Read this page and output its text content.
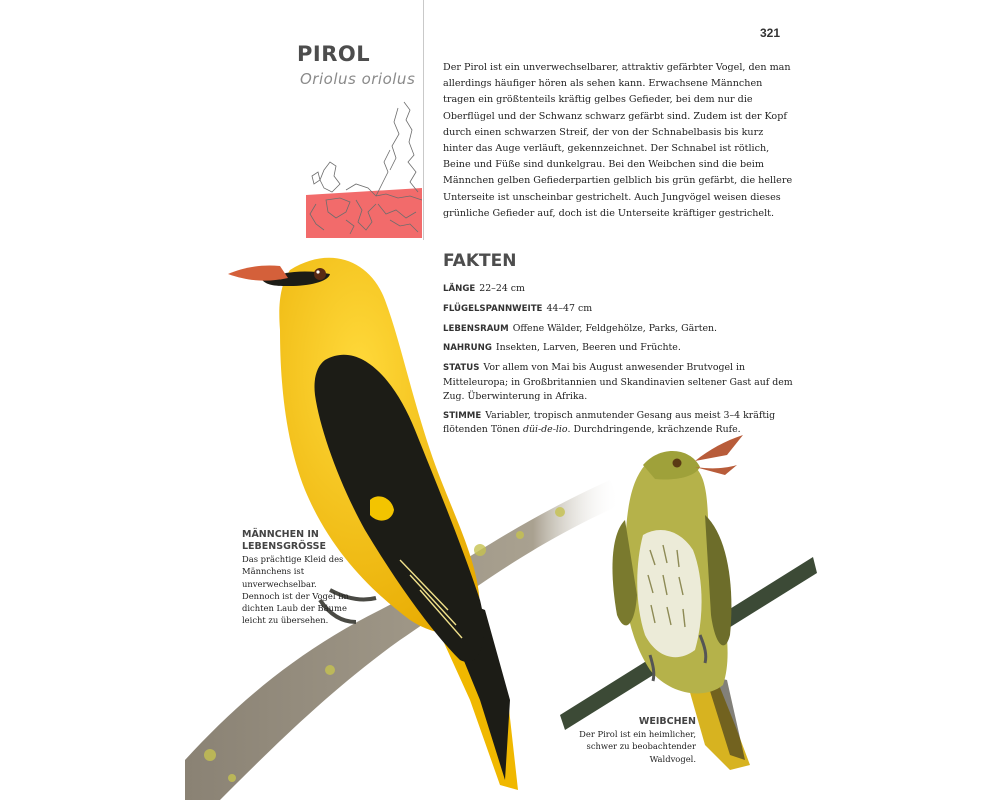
321
PIROL
Oriolus oriolus
Der Pirol ist ein unverwechselbarer, attraktiv gefärbter Vogel, den man allerdings häufiger hören als sehen kann. Erwachsene Männchen tragen ein größtenteils kräftig gelbes Gefieder, bei dem nur die Oberflügel und der Schwanz schwarz gefärbt sind. Zudem ist der Kopf durch einen schwarzen Streif, der von der Schnabelbasis bis kurz hinter das Auge verläuft, gekennzeichnet. Der Schnabel ist rötlich, Beine und Füße sind dunkelgrau. Bei den Weibchen sind die beim Männchen gelben Gefiederpartien gelblich bis grün gefärbt, die hellere Unterseite ist unscheinbar gestrichelt. Auch Jungvögel weisen dieses grünliche Gefieder auf, doch ist die Unterseite kräftiger gestrichelt.
FAKTEN
LÄNGE 22–24 cm
FLÜGELSPANNWEITE 44–47 cm
LEBENSRAUM Offene Wälder, Feldgehölze, Parks, Gärten.
NAHRUNG Insekten, Larven, Beeren und Früchte.
STATUS Vor allem von Mai bis August anwesender Brutvogel in Mitteleuropa; in Großbritannien und Skandinavien seltener Gast auf dem Zug. Überwinterung in Afrika.
STIMME Variabler, tropisch anmutender Gesang aus meist 3–4 kräftig flötenden Tönen düi-de-lio. Durchdringende, krächzende Rufe.
MÄNNCHEN IN LEBENSGRÖSSE
Das prächtige Kleid des Männchens ist unverwechselbar. Dennoch ist der Vogel im dichten Laub der Bäume leicht zu übersehen.
WEIBCHEN
Der Pirol ist ein heimlicher, schwer zu beobachtender Waldvogel.
